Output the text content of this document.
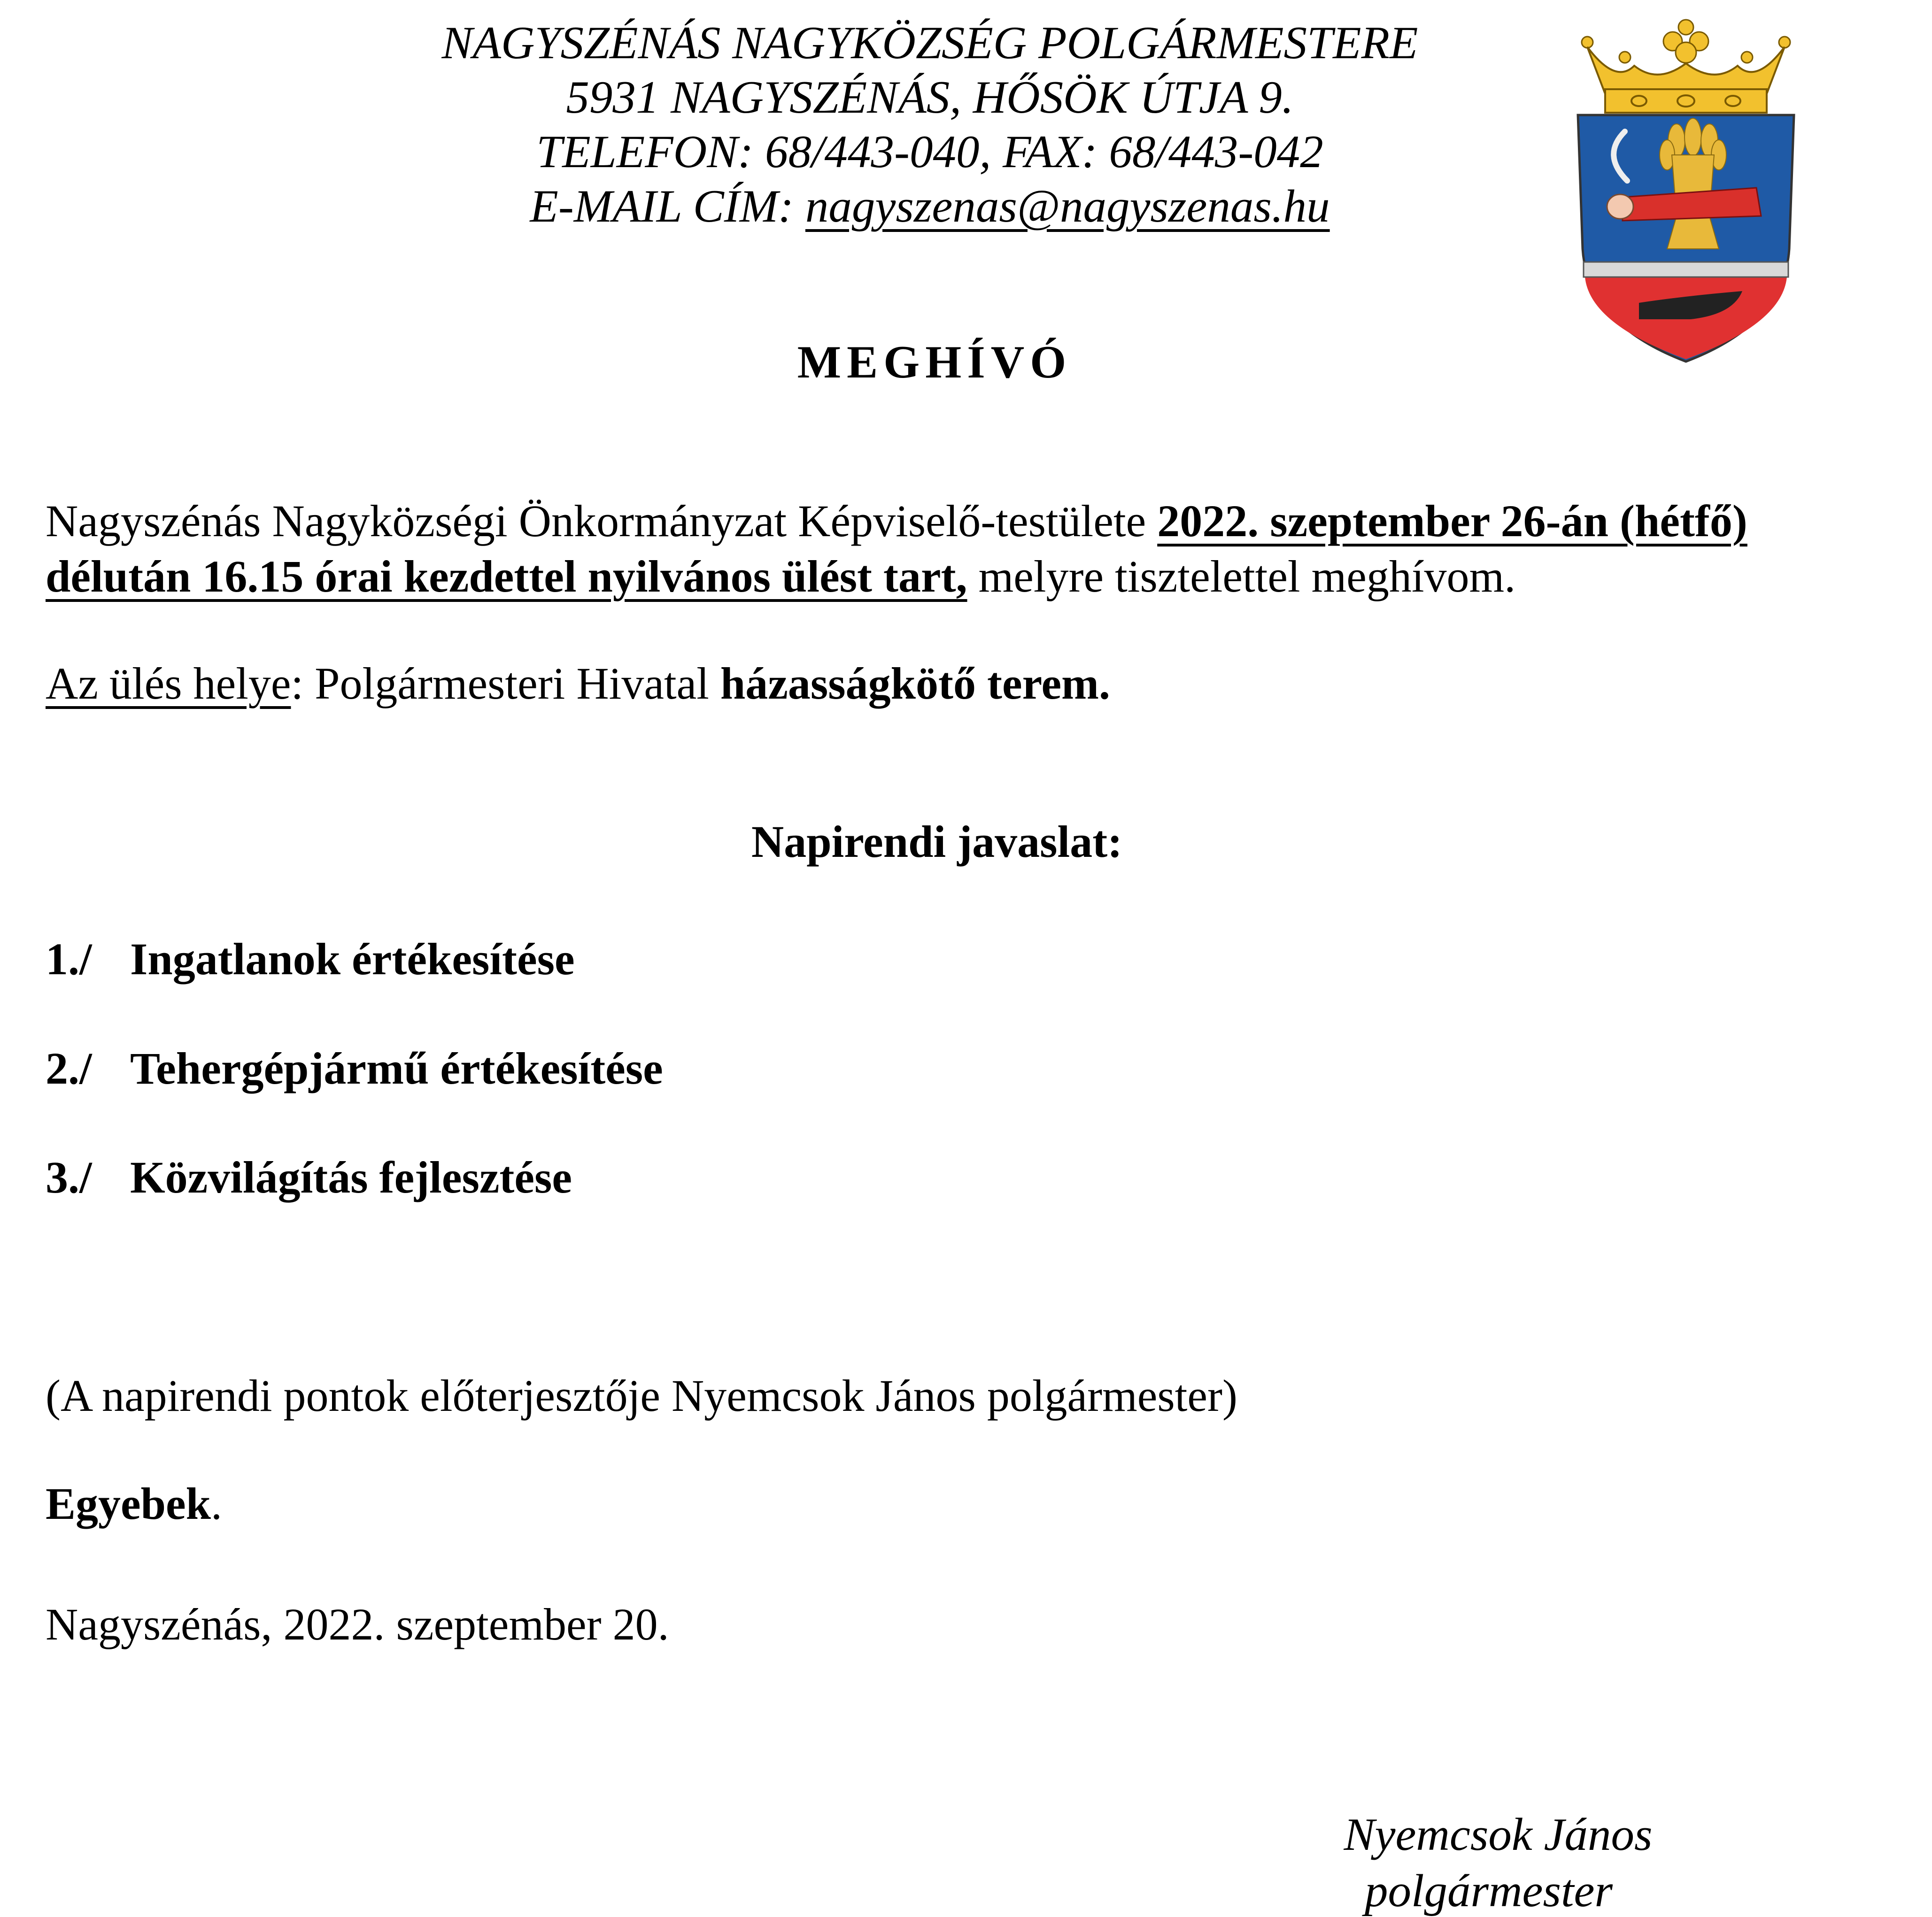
NAGYSZÉNÁS NAGYKÖZSÉG POLGÁRMESTERE
5931 NAGYSZÉNÁS, HŐSÖK ÚTJA 9.
TELEFON: 68/443-040, FAX: 68/443-042
E-MAIL CÍM: nagyszenas@nagyszenas.hu
MEGHÍVÓ
Nagyszénás Nagyközségi Önkormányzat Képviselő-testülete 2022. szeptember 26-án (hétfő)
délután 16.15 órai kezdettel nyilvános ülést tart, melyre tisztelettel meghívom.
Az ülés helye: Polgármesteri Hivatal házasságkötő terem.
Napirendi javaslat:
1./ Ingatlanok értékesítése
2./ Tehergépjármű értékesítése
3./ Közvilágítás fejlesztése
(A napirendi pontok előterjesztője Nyemcsok János polgármester)
Egyebek.
Nagyszénás, 2022. szeptember 20.
Nyemcsok János
polgármester
